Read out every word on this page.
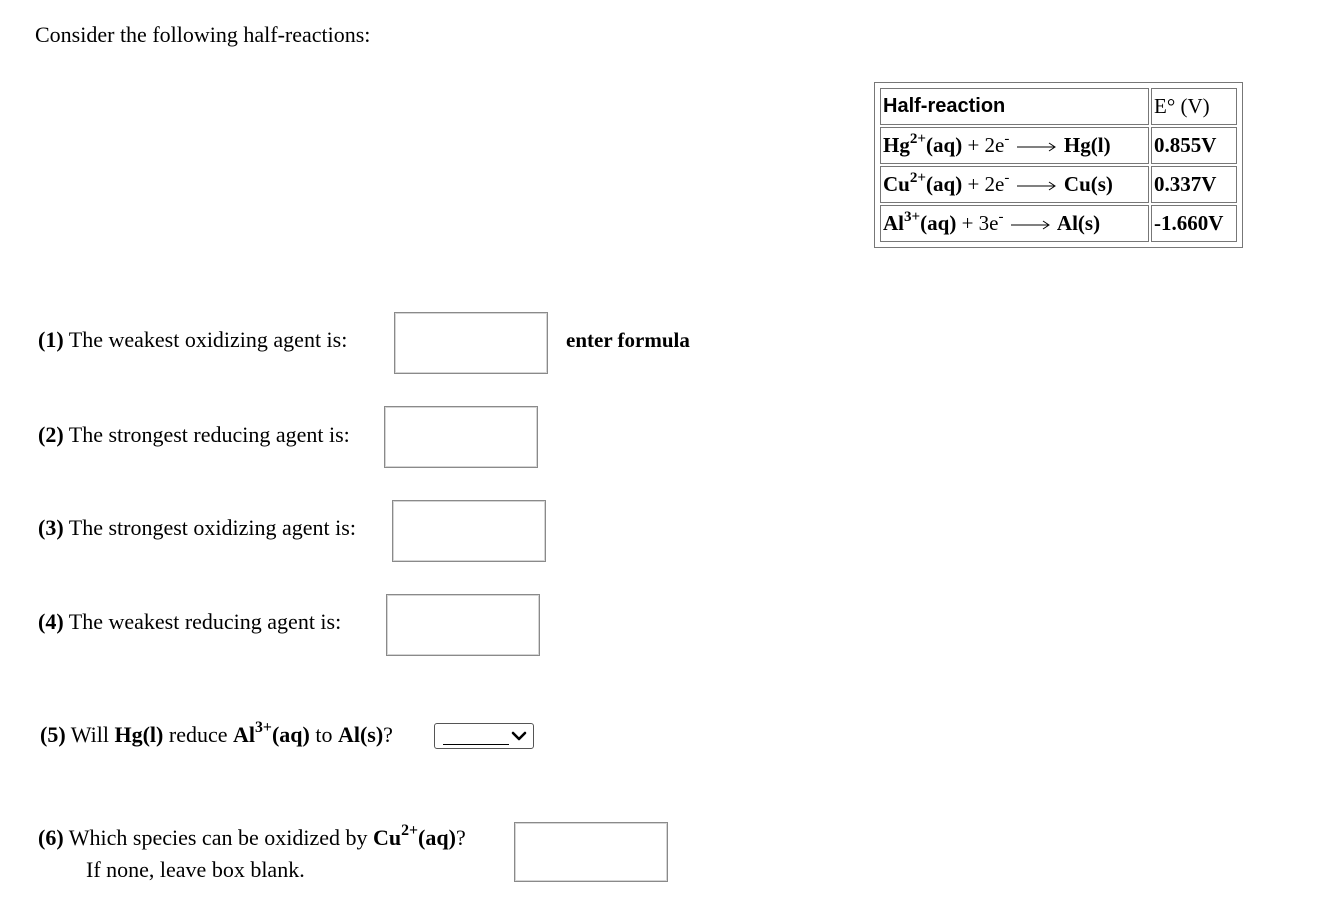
Consider the following half-reactions:
Half-reaction	E° (V)
$Hg^{2+}(aq) + 2e^-$ Hg(l)	0.855V
$Cu^{2+}(aq) + 2e^-$ Cu(s)	0.337V
$Al^{3+}(aq) + 3e^-$ Al(s)	-1.660V
(1) The weakest oxidizing agent is:	enter formula
(2) The strongest reducing agent is:
(3) The strongest oxidizing agent is:
(4) The weakest reducing agent is:
(5) Will Hg(l) reduce $Al^{3+}(aq)$ to Al(s)?
(6) Which species can be oxidized by $Cu^{2+}(aq)$?
If none, leave box blank.
